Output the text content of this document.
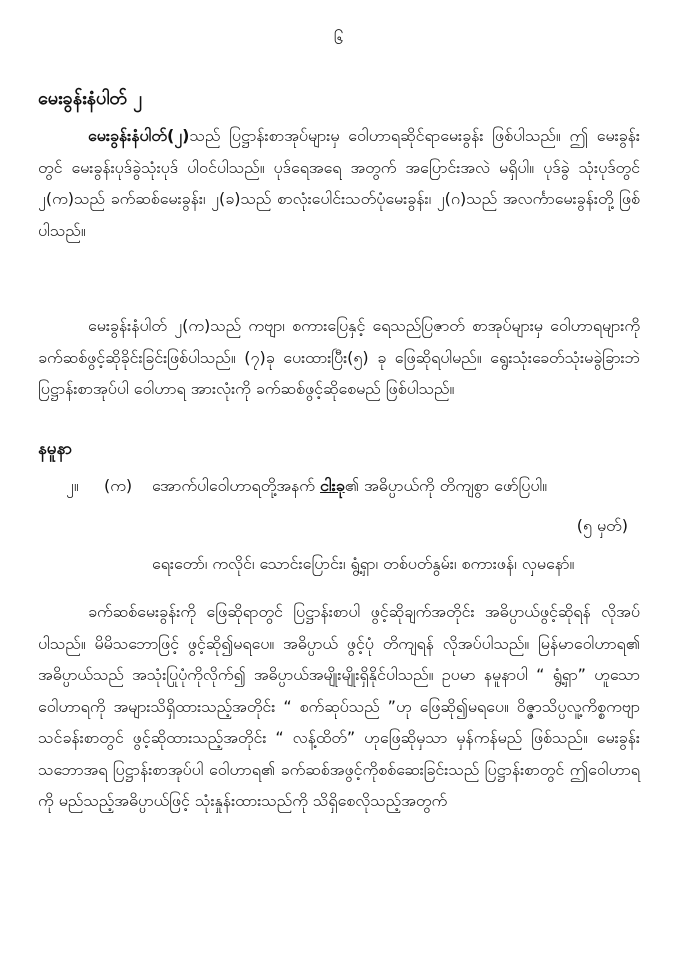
၆
မေးခွန်းနံပါတ် ၂
မေးခွန်းနံပါတ်(၂)သည် ပြဋ္ဌာန်းစာအုပ်များမှ ဝေါဟာရဆိုင်ရာမေးခွန်း ဖြစ်ပါသည်။ ဤ မေးခွန်းတွင် မေးခွန်းပုဒ်ခွဲသုံးပုဒ် ပါဝင်ပါသည်။ ပုဒ်ရေအရေ အတွက် အပြောင်းအလဲ မရှိပါ။ ပုဒ်ခွဲ သုံးပုဒ်တွင် ၂(က)သည် ခက်ဆစ်မေးခွန်း၊ ၂(ခ)သည် စာလုံးပေါင်းသတ်ပုံမေးခွန်း၊ ၂(ဂ)သည် အလင်္ကာမေးခွန်းတို့ ဖြစ်ပါသည်။
မေးခွန်းနံပါတ် ၂(က)သည် ကဗျာ၊ စကားပြေနှင့် ရေသည်ပြဇာတ် စာအုပ်များမှ ဝေါဟာရများကို ခက်ဆစ်ဖွင့်ဆိုခိုင်းခြင်းဖြစ်ပါသည်။ (၇)ခု ပေးထားပြီး(၅) ခု ဖြေဆိုရပါမည်။ ရွေးသုံးခေတ်သုံးမခွဲခြားဘဲ ပြဋ္ဌာန်းစာအုပ်ပါ ဝေါဟာရ အားလုံးကို ခက်ဆစ်ဖွင့်ဆိုစေမည် ဖြစ်ပါသည်။
နမူနာ
၂။ (က) အောက်ပါဝေါဟာရတို့အနက် ငါးခု၏ အဓိပ္ပာယ်ကို တိကျစွာ ဖော်ပြပါ။
(၅ မှတ်)
ရေးတော်၊ ကလိုင်၊ သောင်းပြောင်း၊ ရွံ့ရှာ၊ တစ်ပတ်နွမ်း၊ စကားဖန်၊ လှမနော်။
ခက်ဆစ်မေးခွန်းကို ဖြေဆိုရာတွင် ပြဋ္ဌာန်းစာပါ ဖွင့်ဆိုချက်အတိုင်း အဓိပ္ပာယ်ဖွင့်ဆိုရန် လိုအပ်ပါသည်။ မိမိသဘောဖြင့် ဖွင့်ဆို၍မရပေ။ အဓိပ္ပာယ် ဖွင့်ပုံ တိကျရန် လိုအပ်ပါသည်။ မြန်မာဝေါဟာရ၏ အဓိပ္ပာယ်သည် အသုံးပြုပုံကိုလိုက်၍ အဓိပ္ပာယ်အမျိုးမျိုးရှိနိုင်ပါသည်။ ဥပမာ နမူနာပါ “ ရွံ့ရှာ” ဟူသော ဝေါဟာရကို အများသိရှိထားသည့်အတိုင်း “ စက်ဆုပ်သည် ”ဟု ဖြေဆို၍မရပေ။ ဝိဇ္ဇာသိပ္ပလူ့ကိစ္စကဗျာ သင်ခန်းစာတွင် ဖွင့်ဆိုထားသည့်အတိုင်း “ လန့်ထိတ်” ဟုဖြေဆိုမှသာ မှန်ကန်မည် ဖြစ်သည်။ မေးခွန်း သဘောအရ ပြဋ္ဌာန်းစာအုပ်ပါ ဝေါဟာရ၏ ခက်ဆစ်အဖွင့်ကိုစစ်ဆေးခြင်းသည် ပြဋ္ဌာန်းစာတွင် ဤဝေါဟာရကို မည်သည့်အဓိပ္ပာယ်ဖြင့် သုံးနှုန်းထားသည်ကို သိရှိစေလိုသည့်အတွက်
